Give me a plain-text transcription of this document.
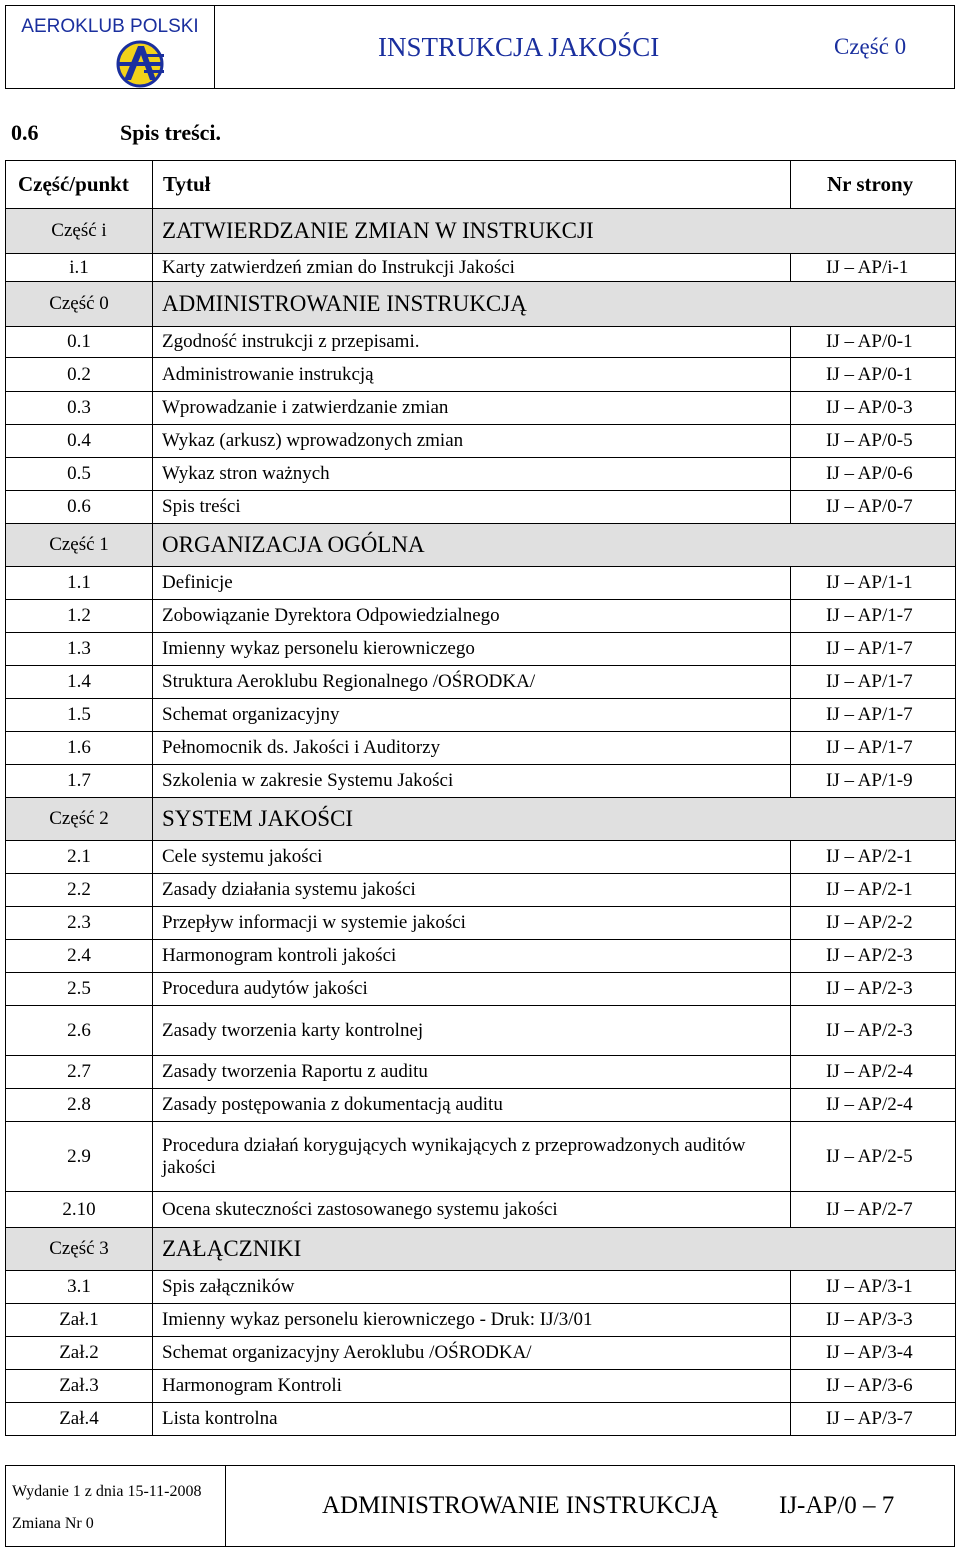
AEROKLUB POLSKI
INSTRUKCJA JAKOŚCI	Część 0
0.6	Spis treści.
Część/punkt	Tytuł	Nr strony
Część i	ZATWIERDZANIE ZMIAN W INSTRUKCJI	
i.1	Karty zatwierdzeń zmian do Instrukcji Jakości	IJ – AP/i-1
Część 0	ADMINISTROWANIE INSTRUKCJĄ	
0.1	Zgodność instrukcji z przepisami.	IJ – AP/0-1
0.2	Administrowanie instrukcją	IJ – AP/0-1
0.3	Wprowadzanie i zatwierdzanie zmian	IJ – AP/0-3
0.4	Wykaz (arkusz) wprowadzonych zmian	IJ – AP/0-5
0.5	Wykaz stron ważnych	IJ – AP/0-6
0.6	Spis treści	IJ – AP/0-7
Część 1	ORGANIZACJA OGÓLNA	
1.1	Definicje	IJ – AP/1-1
1.2	Zobowiązanie Dyrektora Odpowiedzialnego	IJ – AP/1-7
1.3	Imienny wykaz personelu kierowniczego	IJ – AP/1-7
1.4	Struktura Aeroklubu Regionalnego /OŚRODKA/	IJ – AP/1-7
1.5	Schemat organizacyjny	IJ – AP/1-7
1.6	Pełnomocnik ds. Jakości i Auditorzy	IJ – AP/1-7
1.7	Szkolenia w zakresie Systemu Jakości	IJ – AP/1-9
Część 2	SYSTEM JAKOŚCI	
2.1	Cele systemu jakości	IJ – AP/2-1
2.2	Zasady działania systemu jakości	IJ – AP/2-1
2.3	Przepływ informacji w systemie jakości	IJ – AP/2-2
2.4	Harmonogram kontroli jakości	IJ – AP/2-3
2.5	Procedura audytów jakości	IJ – AP/2-3
2.6	Zasady tworzenia karty kontrolnej	IJ – AP/2-3
2.7	Zasady tworzenia Raportu z auditu	IJ – AP/2-4
2.8	Zasady postępowania z dokumentacją auditu	IJ – AP/2-4
2.9	Procedura działań korygujących wynikających z przeprowadzonych auditów jakości	IJ – AP/2-5
2.10	Ocena skuteczności zastosowanego systemu jakości	IJ – AP/2-7
Część 3	ZAŁĄCZNIKI	
3.1	Spis załączników	IJ – AP/3-1
Zał.1	Imienny wykaz personelu kierowniczego - Druk: IJ/3/01	IJ – AP/3-3
Zał.2	Schemat organizacyjny Aeroklubu /OŚRODKA/	IJ – AP/3-4
Zał.3	Harmonogram Kontroli	IJ – AP/3-6
Zał.4	Lista kontrolna	IJ – AP/3-7
Wydanie 1 z dnia 15-11-2008
Zmiana Nr 0
ADMINISTROWANIE INSTRUKCJĄ	IJ-AP/0 – 7
